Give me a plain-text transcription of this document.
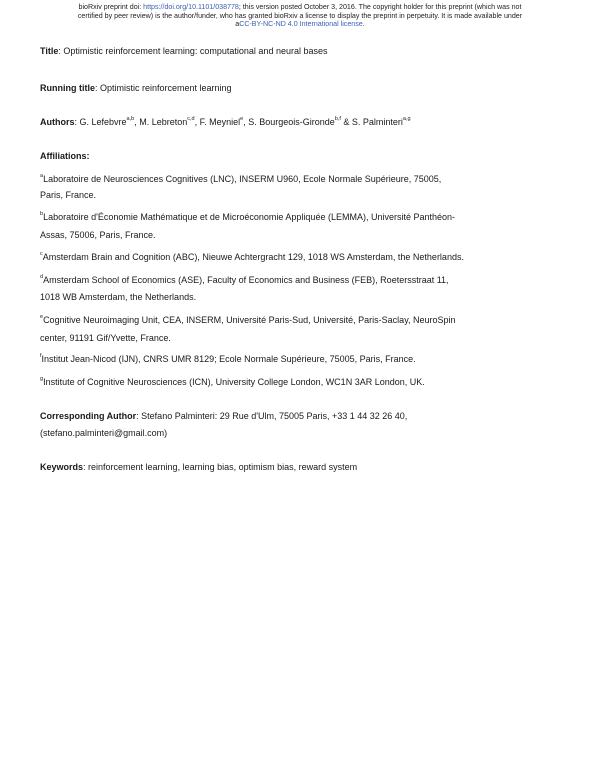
bioRxiv preprint doi: https://doi.org/10.1101/038778; this version posted October 3, 2016. The copyright holder for this preprint (which was not
certified by peer review) is the author/funder, who has granted bioRxiv a license to display the preprint in perpetuity. It is made available under
aCC-BY-NC-ND 4.0 International license.
Title: Optimistic reinforcement learning: computational and neural bases
Running title: Optimistic reinforcement learning
Authors: G. Lefebvre$^{a,b}$, M. Lebreton$^{c,d}$, F. Meyniel$^e$, S. Bourgeois-Gironde$^{b,f}$ & S. Palminteri$^{a,g}$
Affiliations:
$^a$Laboratoire de Neurosciences Cognitives (LNC), INSERM U960, Ecole Normale Supérieure, 75005,
Paris, France.
$^b$Laboratoire d'Économie Mathématique et de Microéconomie Appliquée (LEMMA), Université Panthéon-
Assas, 75006, Paris, France.
$^c$Amsterdam Brain and Cognition (ABC), Nieuwe Achtergracht 129, 1018 WS Amsterdam, the Netherlands.
$^d$Amsterdam School of Economics (ASE), Faculty of Economics and Business (FEB), Roetersstraat 11,
1018 WB Amsterdam, the Netherlands.
$^e$Cognitive Neuroimaging Unit, CEA, INSERM, Université Paris-Sud, Université, Paris-Saclay, NeuroSpin
center, 91191 Gif/Yvette, France.
$^f$Institut Jean-Nicod (IJN), CNRS UMR 8129; Ecole Normale Supérieure, 75005, Paris, France.
$^g$Institute of Cognitive Neurosciences (ICN), University College London, WC1N 3AR London, UK.
Corresponding Author: Stefano Palminteri: 29 Rue d'Ulm, 75005 Paris, +33 1 44 32 26 40,
(stefano.palminteri@gmail.com)
Keywords: reinforcement learning, learning bias, optimism bias, reward system
